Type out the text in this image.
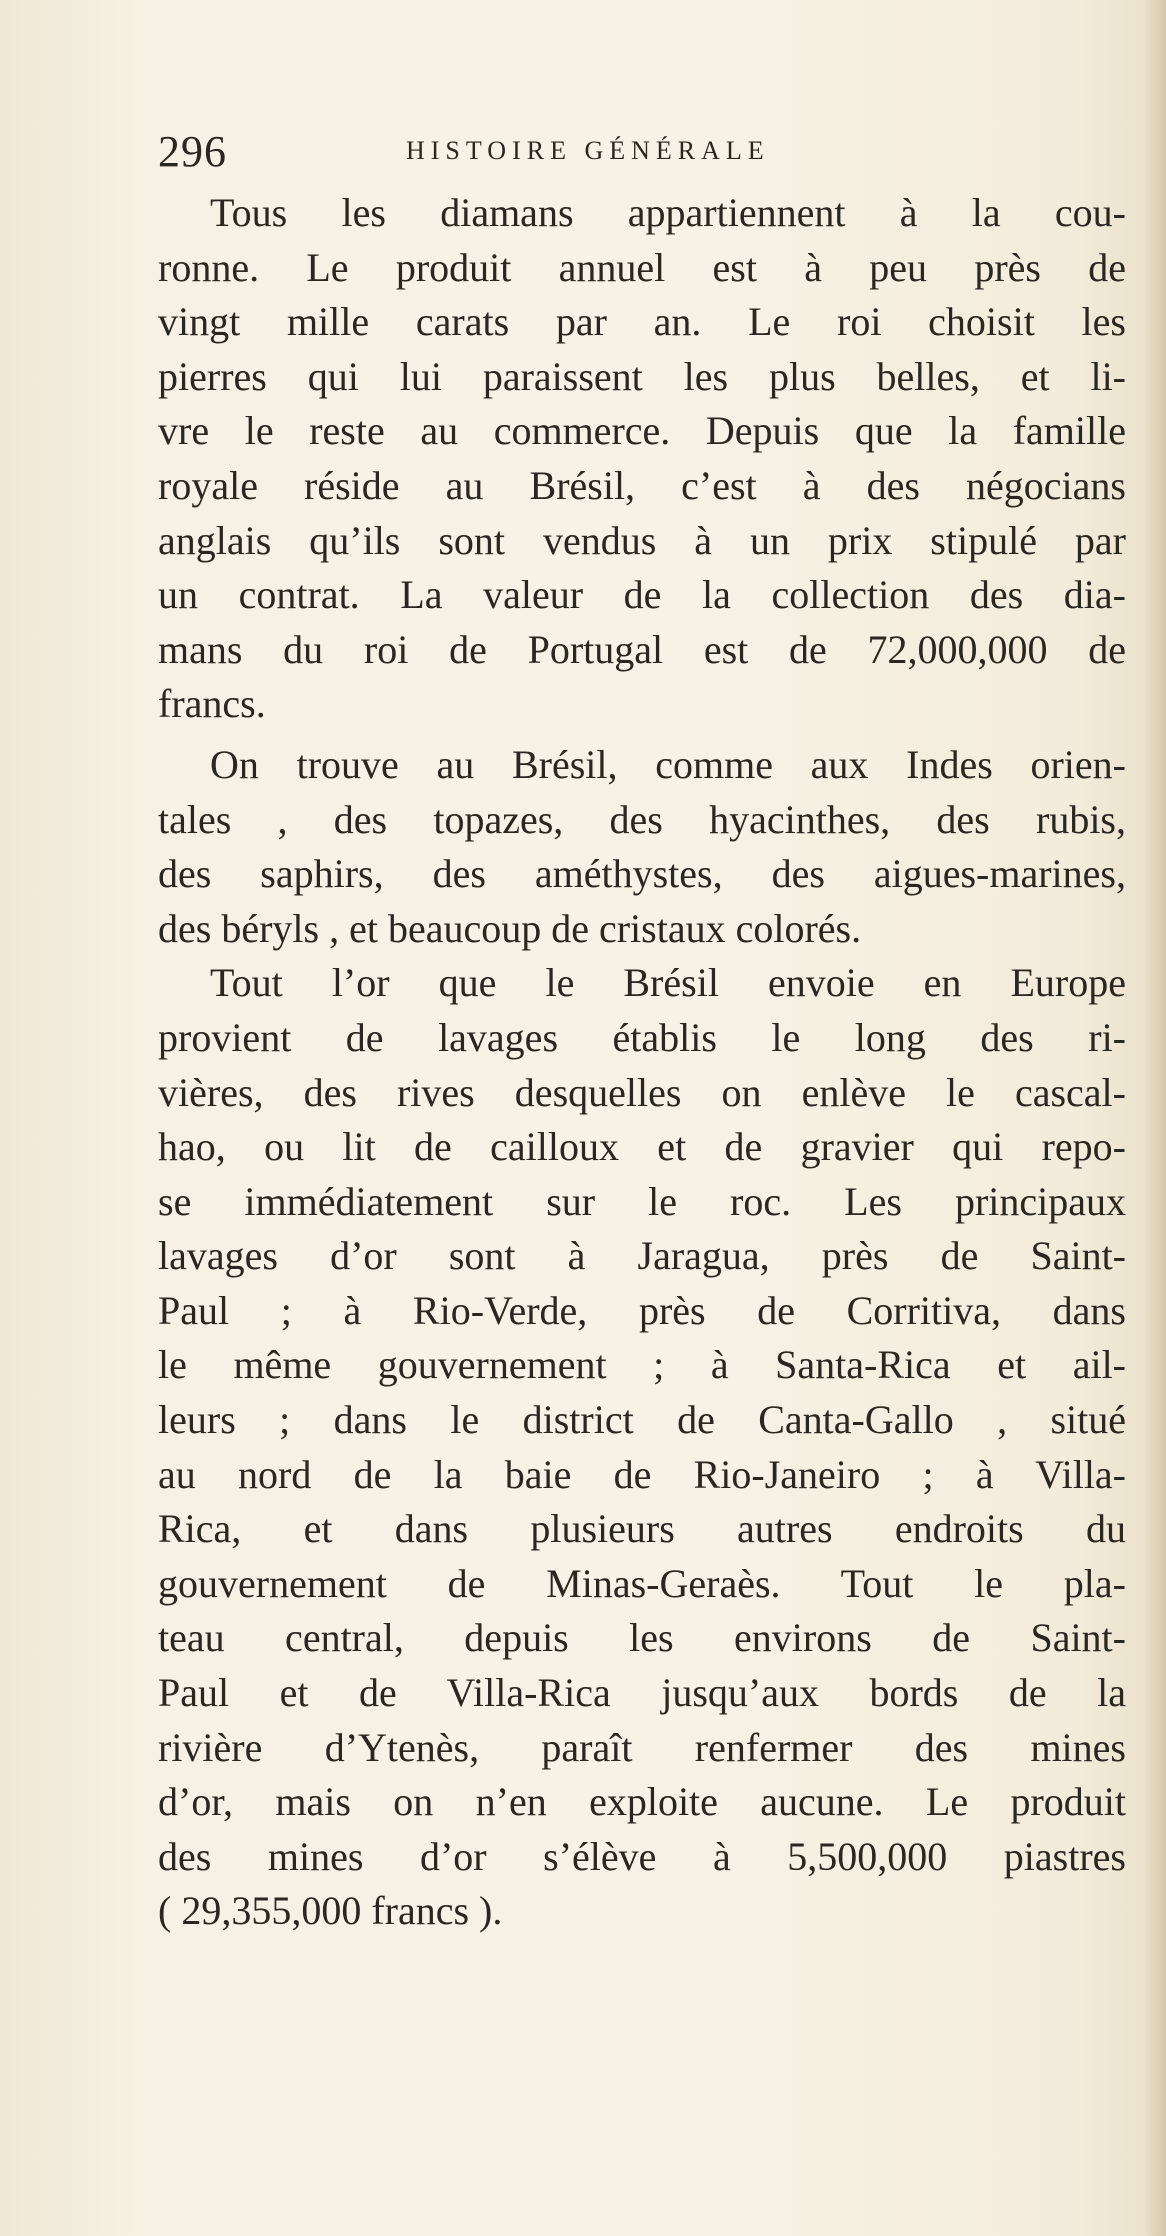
296	HISTOIRE GÉNÉRALE
Tous les diamans appartiennent à la cou-
ronne. Le produit annuel est à peu près de
vingt mille carats par an. Le roi choisit les
pierres qui lui paraissent les plus belles, et li-
vre le reste au commerce. Depuis que la famille
royale réside au Brésil, c’est à des négocians
anglais qu’ils sont vendus à un prix stipulé par
un contrat. La valeur de la collection des dia-
mans du roi de Portugal est de 72,000,000 de
francs.
On trouve au Brésil, comme aux Indes orien-
tales , des topazes, des hyacinthes, des rubis,
des saphirs, des améthystes, des aigues-marines,
des béryls , et beaucoup de cristaux colorés.
Tout l’or que le Brésil envoie en Europe
provient de lavages établis le long des ri-
vières, des rives desquelles on enlève le cascal-
hao, ou lit de cailloux et de gravier qui repo-
se immédiatement sur le roc. Les principaux
lavages d’or sont à Jaragua, près de Saint-
Paul ; à Rio-Verde, près de Corritiva, dans
le même gouvernement ; à Santa-Rica et ail-
leurs ; dans le district de Canta-Gallo , situé
au nord de la baie de Rio-Janeiro ; à Villa-
Rica, et dans plusieurs autres endroits du
gouvernement de Minas-Geraès. Tout le pla-
teau central, depuis les environs de Saint-
Paul et de Villa-Rica jusqu’aux bords de la
rivière d’Ytenès, paraît renfermer des mines
d’or, mais on n’en exploite aucune. Le produit
des mines d’or s’élève à 5,500,000 piastres
( 29,355,000 francs ).
